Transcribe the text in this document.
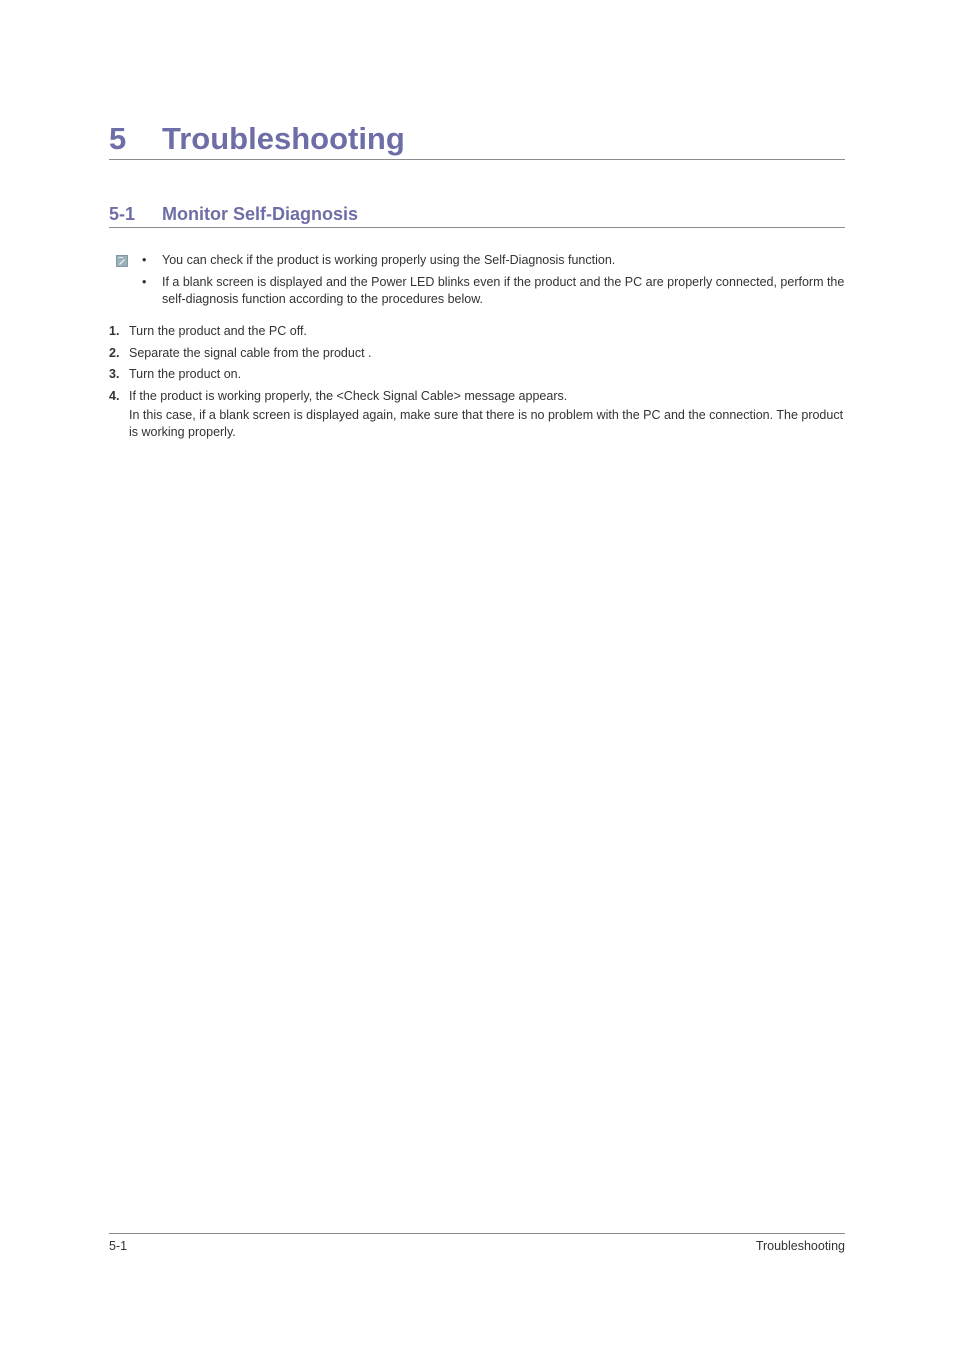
5	Troubleshooting
5-1	Monitor Self-Diagnosis
• You can check if the product is working properly using the Self-Diagnosis function.
• If a blank screen is displayed and the Power LED blinks even if the product and the PC are properly connected, perform the self-diagnosis function according to the procedures below.
1. Turn the product and the PC off.
2. Separate the signal cable from the product .
3. Turn the product on.
4. If the product is working properly, the <Check Signal Cable> message appears.
In this case, if a blank screen is displayed again, make sure that there is no problem with the PC and the connection. The product is working properly.
5-1	Troubleshooting
